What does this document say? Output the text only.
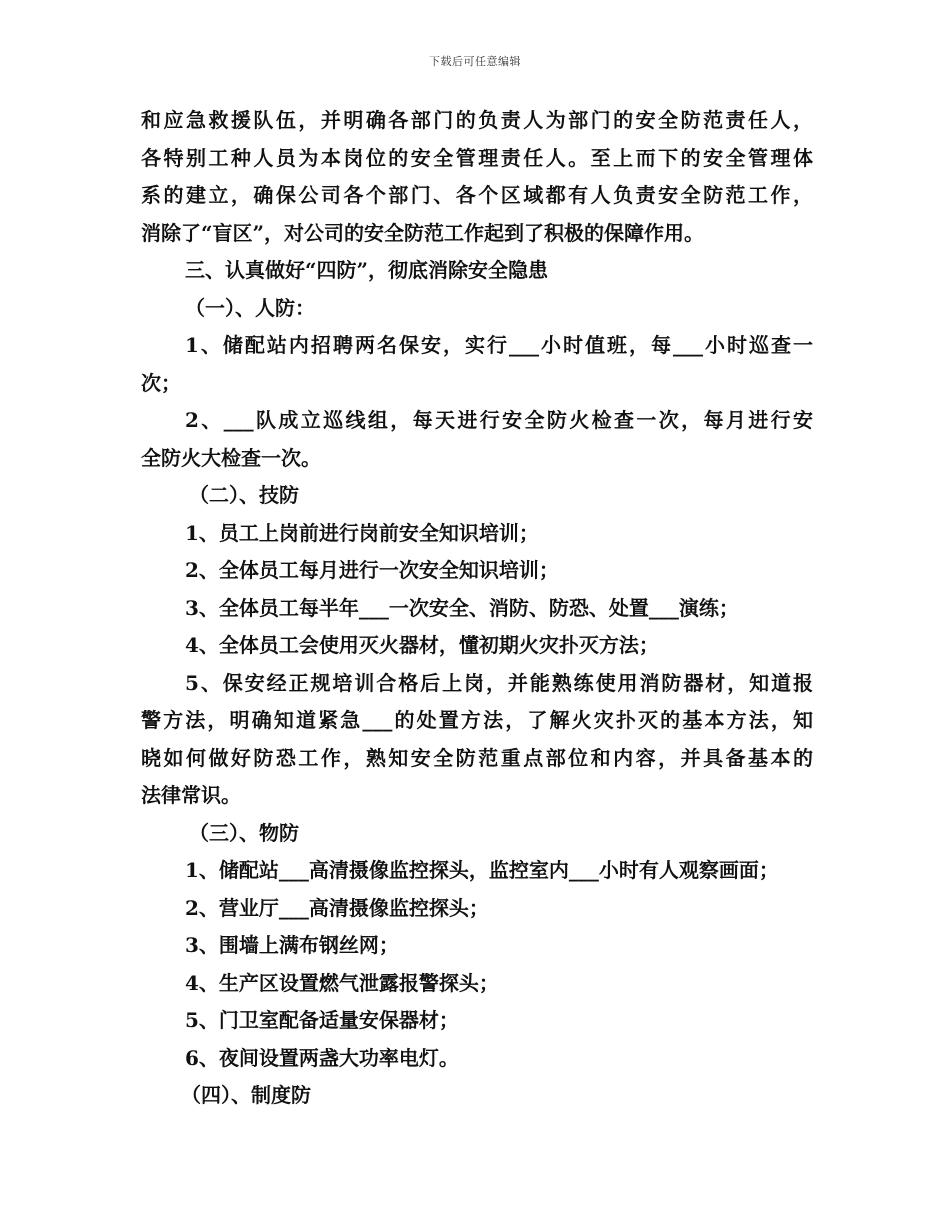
下载后可任意编辑
和应急救援队伍，并明确各部门的负责人为部门的安全防范责任人，
各特别工种人员为本岗位的安全管理责任人。至上而下的安全管理体
系的建立，确保公司各个部门、各个区域都有人负责安全防范工作，
消除了“盲区”，对公司的安全防范工作起到了积极的保障作用。
三、认真做好“四防”，彻底消除安全隐患
（一）、人防：
1、储配站内招聘两名保安，实行___小时值班，每___小时巡查一
次；
2、___队成立巡线组，每天进行安全防火检查一次，每月进行安
全防火大检查一次。
（二）、技防
1、员工上岗前进行岗前安全知识培训；
2、全体员工每月进行一次安全知识培训；
3、全体员工每半年___一次安全、消防、防恐、处置___演练；
4、全体员工会使用灭火器材，懂初期火灾扑灭方法；
5、保安经正规培训合格后上岗，并能熟练使用消防器材，知道报
警方法，明确知道紧急___的处置方法，了解火灾扑灭的基本方法，知
晓如何做好防恐工作，熟知安全防范重点部位和内容，并具备基本的
法律常识。
（三）、物防
1、储配站___高清摄像监控探头，监控室内___小时有人观察画面；
2、营业厅___高清摄像监控探头；
3、围墙上满布钢丝网；
4、生产区设置燃气泄露报警探头；
5、门卫室配备适量安保器材；
6、夜间设置两盏大功率电灯。
（四）、制度防
